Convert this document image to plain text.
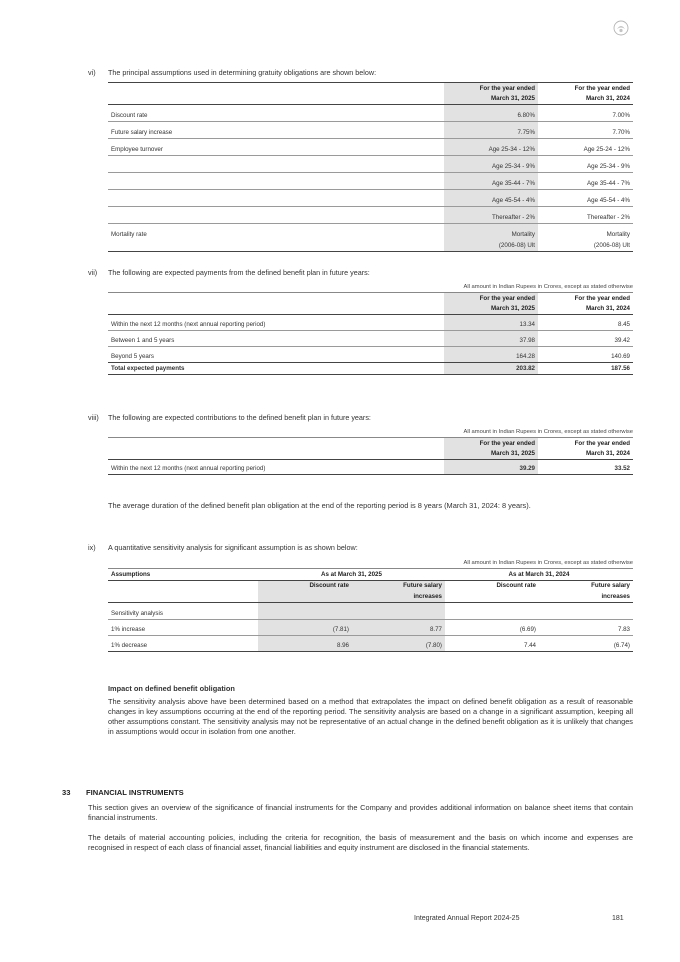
vi)	The principal assumptions used in determining gratuity obligations are shown below:
	For the year ended	For the year ended
	March 31, 2025	March 31, 2024

Discount rate	6.80%	7.00%

Future salary increase	7.75%	7.70%

Employee turnover	Age 25-34 - 12%	Age 25-24 - 12%

	Age 25-34 - 9%	Age 25-34 - 9%

	Age 35-44 - 7%	Age 35-44 - 7%

	Age 45-54 - 4%	Age 45-54 - 4%

	Thereafter - 2%	Thereafter - 2%

Mortality rate	Mortality	Mortality
	(2006-08) Ult	(2006-08) Ult
vii)	The following are expected payments from the defined benefit plan in future years:
All amount in Indian Rupees in Crores, except as stated otherwise
	For the year ended	For the year ended
	March 31, 2025	March 31, 2024

Within the next 12 months (next annual reporting period)	13.34	8.45

Between 1 and 5 years	37.98	39.42

Beyond 5 years	164.28	140.69
Total expected payments	203.82	187.56
viii)	The following are expected contributions to the defined benefit plan in future years:
All amount in Indian Rupees in Crores, except as stated otherwise
	For the year ended	For the year ended
	March 31, 2025	March 31, 2024

Within the next 12 months (next annual reporting period)	39.29	33.52
The average duration of the defined benefit plan obligation at the end of the reporting period is 8 years (March 31, 2024: 8 years).
ix)	A quantitative sensitivity analysis for significant assumption is as shown below:
All amount in Indian Rupees in Crores, except as stated otherwise
Assumptions	As at March 31, 2025		As at March 31, 2024	
	Discount rate	Future salary	Discount rate	Future salary
		increases		increases

Sensitivity analysis				

1% increase	(7.81)	8.77	(6.69)	7.83

1% decrease	8.96	(7.80)	7.44	(6.74)
Impact on defined benefit obligation
The sensitivity analysis above have been determined based on a method that extrapolates the impact on defined benefit obligation as a result of reasonable changes in key assumptions occurring at the end of the reporting period. The sensitivity analysis are based on a change in a significant assumption, keeping all other assumptions constant. The sensitivity analysis may not be representative of an actual change in the defined benefit obligation as it is unlikely that changes in assumptions would occur in isolation from one another.
33 FINANCIAL INSTRUMENTS
This section gives an overview of the significance of financial instruments for the Company and provides additional information on balance sheet items that contain financial instruments.
The details of material accounting policies, including the criteria for recognition, the basis of measurement and the basis on which income and expenses are recognised in respect of each class of financial asset, financial liabilities and equity instrument are disclosed in the financial statements.
Integrated Annual Report 2024-25	181
